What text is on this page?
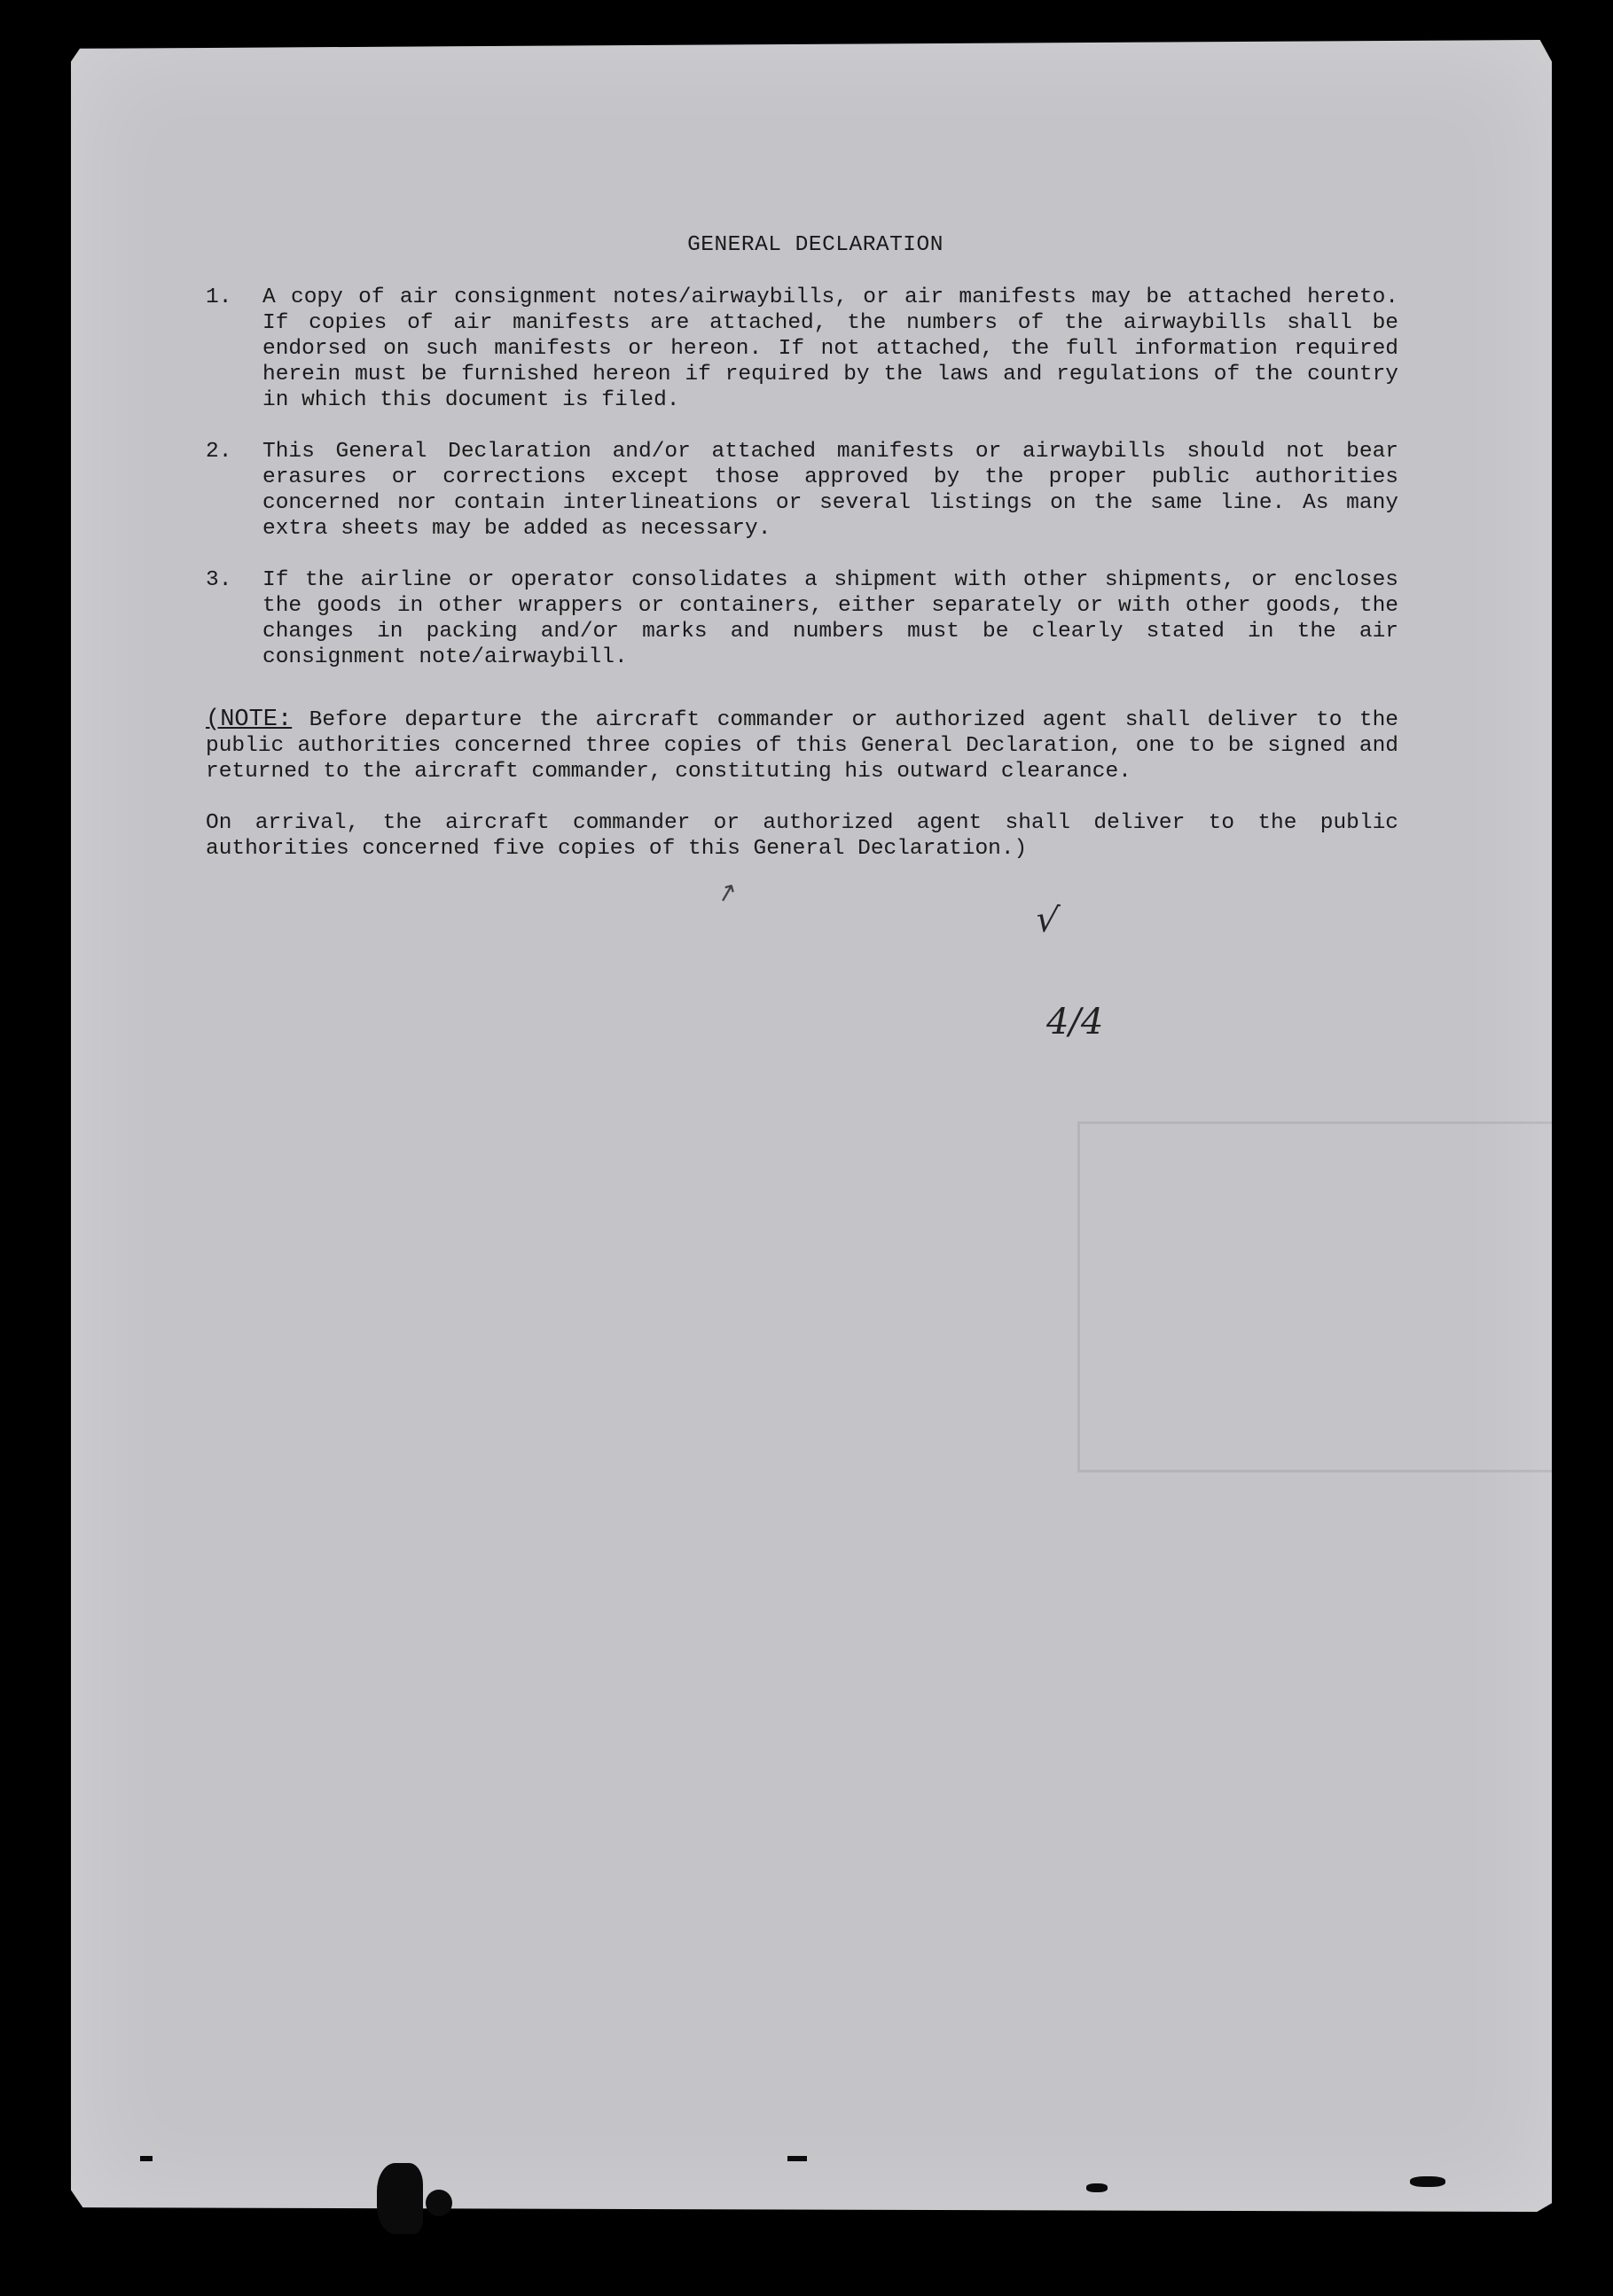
GENERAL DECLARATION
1.	A copy of air consignment notes/airwaybills, or air manifests may be attached hereto. If copies of air manifests are attached, the numbers of the airwaybills shall be endorsed on such manifests or hereon. If not attached, the full information required herein must be furnished hereon if required by the laws and regulations of the country in which this document is filed.
2.	This General Declaration and/or attached manifests or airwaybills should not bear erasures or corrections except those approved by the proper public authorities concerned nor contain interlineations or several listings on the same line. As many extra sheets may be added as necessary.
3.	If the airline or operator consolidates a shipment with other shipments, or encloses the goods in other wrappers or containers, either separately or with other goods, the changes in packing and/or marks and numbers must be clearly stated in the air consignment note/airwaybill.
(NOTE: Before departure the aircraft commander or authorized agent shall deliver to the public authorities concerned three copies of this General Declaration, one to be signed and returned to the aircraft commander, constituting his outward clearance.
On arrival, the aircraft commander or authorized agent shall deliver to the public authorities concerned five copies of this General Declaration.)
↗
√
4/4
